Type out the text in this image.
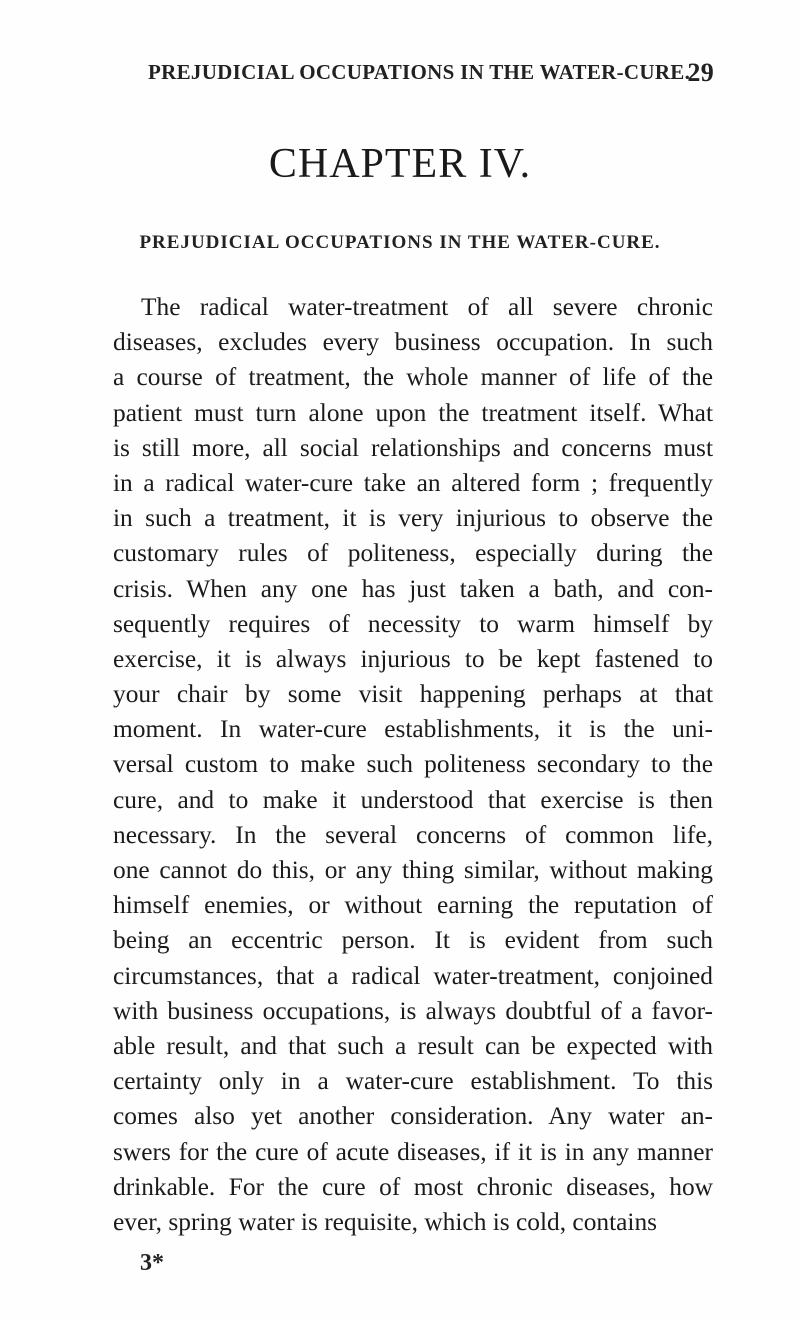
PREJUDICIAL OCCUPATIONS IN THE WATER-CURE.
29
CHAPTER IV.
PREJUDICIAL OCCUPATIONS IN THE WATER-CURE.

The radical water-treatment of all severe chronic
diseases, excludes every business occupation. In such
a course of treatment, the whole manner of life of the
patient must turn alone upon the treatment itself. What
is still more, all social relationships and concerns must
in a radical water-cure take an altered form ; frequently
in such a treatment, it is very injurious to observe the
customary rules of politeness, especially during the
crisis. When any one has just taken a bath, and con-
sequently requires of necessity to warm himself by
exercise, it is always injurious to be kept fastened to
your chair by some visit happening perhaps at that
moment. In water-cure establishments, it is the uni-
versal custom to make such politeness secondary to the
cure, and to make it understood that exercise is then
necessary. In the several concerns of common life,
one cannot do this, or any thing similar, without making
himself enemies, or without earning the reputation of
being an eccentric person. It is evident from such
circumstances, that a radical water-treatment, conjoined
with business occupations, is always doubtful of a favor-
able result, and that such a result can be expected with
certainty only in a water-cure establishment. To this
comes also yet another consideration. Any water an-
swers for the cure of acute diseases, if it is in any manner
drinkable. For the cure of most chronic diseases, how
ever, spring water is requisite, which is cold, contains

3*
